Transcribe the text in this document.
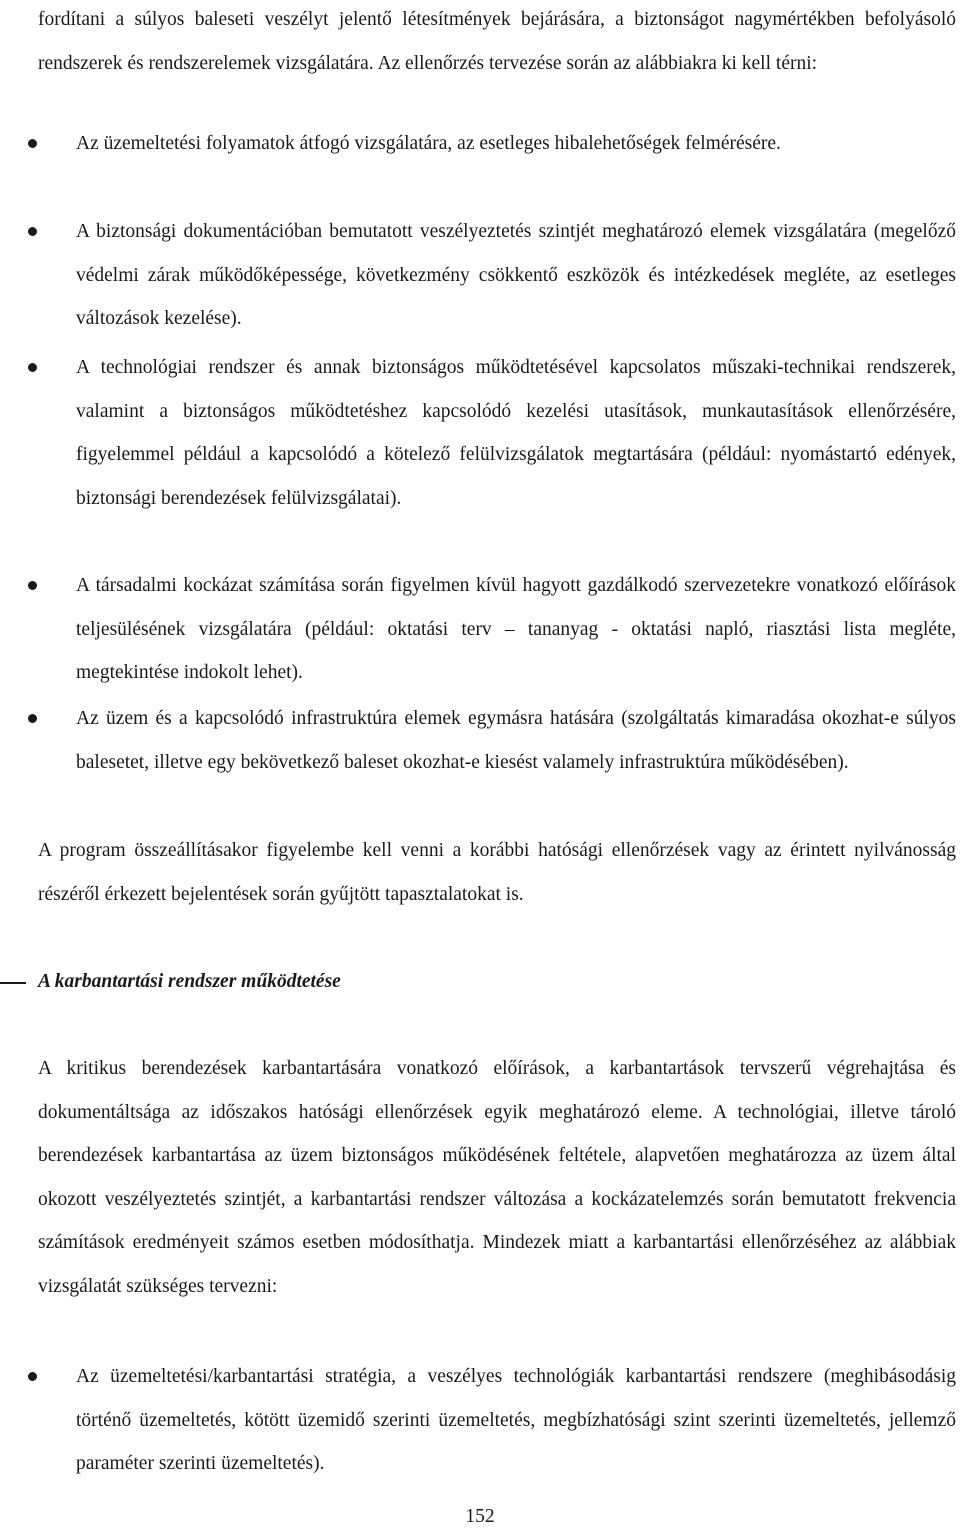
fordítani a súlyos baleseti veszélyt jelentő létesítmények bejárására, a biztonságot nagymértékben befolyásoló rendszerek és rendszerelemek vizsgálatára. Az ellenőrzés tervezése során az alábbiakra ki kell térni:

Az üzemeltetési folyamatok átfogó vizsgálatára, az esetleges hibalehetőségek felmérésére.
A biztonsági dokumentációban bemutatott veszélyeztetés szintjét meghatározó elemek vizsgálatára (megelőző védelmi zárak működőképessége, következmény csökkentő eszközök és intézkedések megléte, az esetleges változások kezelése).
A technológiai rendszer és annak biztonságos működtetésével kapcsolatos műszaki-technikai rendszerek, valamint a biztonságos működtetéshez kapcsolódó kezelési utasítások, munkautasítások ellenőrzésére, figyelemmel például a kapcsolódó a kötelező felülvizsgálatok megtartására (például: nyomástartó edények, biztonsági berendezések felülvizsgálatai).
A társadalmi kockázat számítása során figyelmen kívül hagyott gazdálkodó szervezetekre vonatkozó előírások teljesülésének vizsgálatára (például: oktatási terv – tananyag - oktatási napló, riasztási lista megléte, megtekintése indokolt lehet).
Az üzem és a kapcsolódó infrastruktúra elemek egymásra hatására (szolgáltatás kimaradása okozhat-e súlyos balesetet, illetve egy bekövetkező baleset okozhat-e kiesést valamely infrastruktúra működésében).

A program összeállításakor figyelembe kell venni a korábbi hatósági ellenőrzések vagy az érintett nyilvánosság részéről érkezett bejelentések során gyűjtött tapasztalatokat is.

A karbantartási rendszer működtetése

A kritikus berendezések karbantartására vonatkozó előírások, a karbantartások tervszerű végrehajtása és dokumentáltsága az időszakos hatósági ellenőrzések egyik meghatározó eleme. A technológiai, illetve tároló berendezések karbantartása az üzem biztonságos működésének feltétele, alapvetően meghatározza az üzem által okozott veszélyeztetés szintjét, a karbantartási rendszer változása a kockázatelemzés során bemutatott frekvencia számítások eredményeit számos esetben módosíthatja. Mindezek miatt a karbantartási ellenőrzéséhez az alábbiak vizsgálatát szükséges tervezni:

Az üzemeltetési/karbantartási stratégia, a veszélyes technológiák karbantartási rendszere (meghibásodásig történő üzemeltetés, kötött üzemidő szerinti üzemeltetés, megbízhatósági szint szerinti üzemeltetés, jellemző paraméter szerinti üzemeltetés).
152
